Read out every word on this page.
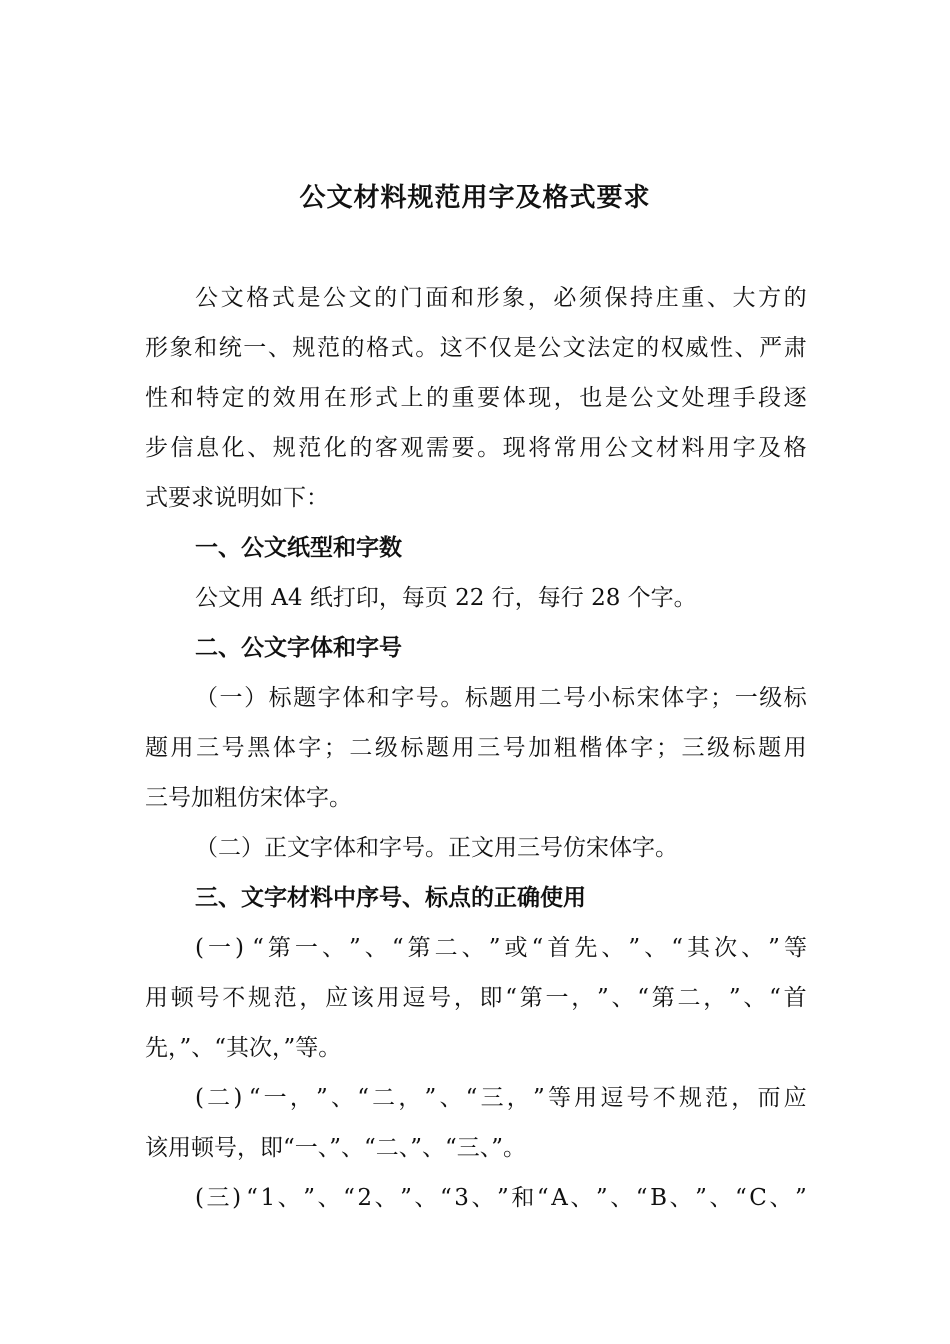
公文材料规范用字及格式要求
公 文 格 式 是 公 文 的 门 面 和 形 象 ， 必 须 保 持 庄 重 、 大 方 的
形 象 和 统 一 、 规 范 的 格 式 。 这 不 仅 是 公 文 法 定 的 权 威 性 、 严 肃
性 和 特 定 的 效 用 在 形 式 上 的 重 要 体 现 ， 也 是 公 文 处 理 手 段 逐
步 信 息 化 、 规 范 化 的 客 观 需 要 。 现 将 常 用 公 文 材 料 用 字 及 格
式要求说明如下：
一、公文纸型和字数
公文用 A4 纸打印，每页 22 行，每行 28 个字。
二、公文字体和字号
（ 一 ） 标 题 字 体 和 字 号 。 标 题 用 二 号 小 标 宋 体 字 ； 一 级 标
题 用 三 号 黑 体 字 ； 二 级 标 题 用 三 号 加 粗 楷 体 字 ； 三 级 标 题 用
三号加粗仿宋体字。
（二）正文字体和字号。正文用三号仿宋体字。
三、文字材料中序号、标点的正确使用
( 一 ) “ 第 一 、 ” 、 “ 第 二 、 ” 或 “ 首 先 、 ” 、 “ 其 次 、 ” 等
用 顿 号 不 规 范 ， 应 该 用 逗 号 ， 即 “ 第 一 ， ” 、 “ 第 二 ， ” 、 “ 首
先，”、“其次，”等。
( 二 ) “ 一 ， ” 、 “ 二 ， ” 、 “ 三 ， ” 等 用 逗 号 不 规 范 ， 而 应
该用顿号，即“一、”、“二、”、“三、”。
( 三 ) “ 1 、 ” 、 “ 2 、 ” 、 “ 3 、 ” 和 “ A 、 ” 、 “ B 、 ” 、 “ C 、 ”
